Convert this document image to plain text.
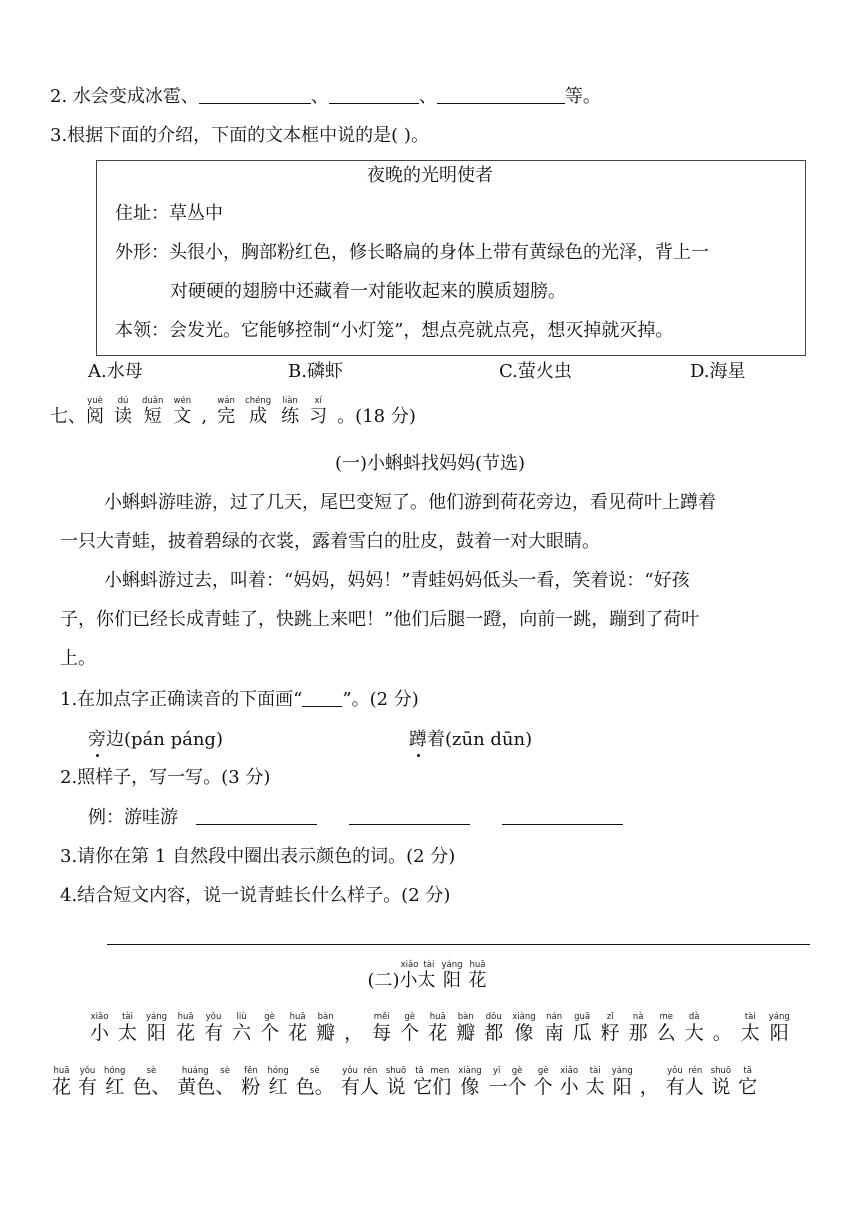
2. 水会变成冰雹、	、	、	等。
3.根据下面的介绍，下面的文本框中说的是( )。
夜晚的光明使者
住址：草丛中
外形：头很小，胸部粉红色，修长略扁的身体上带有黄绿色的光泽，背上一
对硬硬的翅膀中还藏着一对能收起来的膜质翅膀。
本领：会发光。它能够控制“小灯笼”，想点亮就点亮，想灭掉就灭掉。
A.水母	B.磷虾	C.萤火虫	D.海星
七、阅yuè读dú短duǎn文wén, 完wán成chéng练liàn习xí。(18 分)
(一)小蝌蚪找妈妈(节选)
小蝌蚪游哇游，过了几天，尾巴变短了。他们游到荷花旁边，看见荷叶上蹲着
一只大青蛙，披着碧绿的衣裳，露着雪白的肚皮，鼓着一对大眼睛。
小蝌蚪游过去，叫着：“妈妈，妈妈！”青蛙妈妈低头一看，笑着说：“好孩
子，你们已经长成青蛙了，快跳上来吧！”他们后腿一蹬，向前一跳，蹦到了荷叶
上。
1.在加点字正确读音的下面画“ ”。(2 分)
旁边(pán páng)	蹲着(zūn dūn)
2.照样子，写一写。(3 分)
例：游哇游
3.请你在第 1 自然段中圈出表示颜色的词。(2 分)
4.结合短文内容，说一说青蛙长什么样子。(2 分)
(二)小太xiǎo tài阳yáng花huā
小xiǎo太tài阳yáng花huā有yǒu六liù个gè花huā瓣bàn， 每měi个gè花huā瓣bàn都dōu像xiàng南nán瓜guā籽zǐ那nà么me大dà。 太tài阳yáng
花huā有yǒu红hóng色、sè黄色、huáng sè粉fěn红hóng色。sè有人yǒu rén说shuō它们tā men像xiàng一个yī gè个gè小xiǎo太tài阳yáng， 有人yǒu rén说shuō它tā
